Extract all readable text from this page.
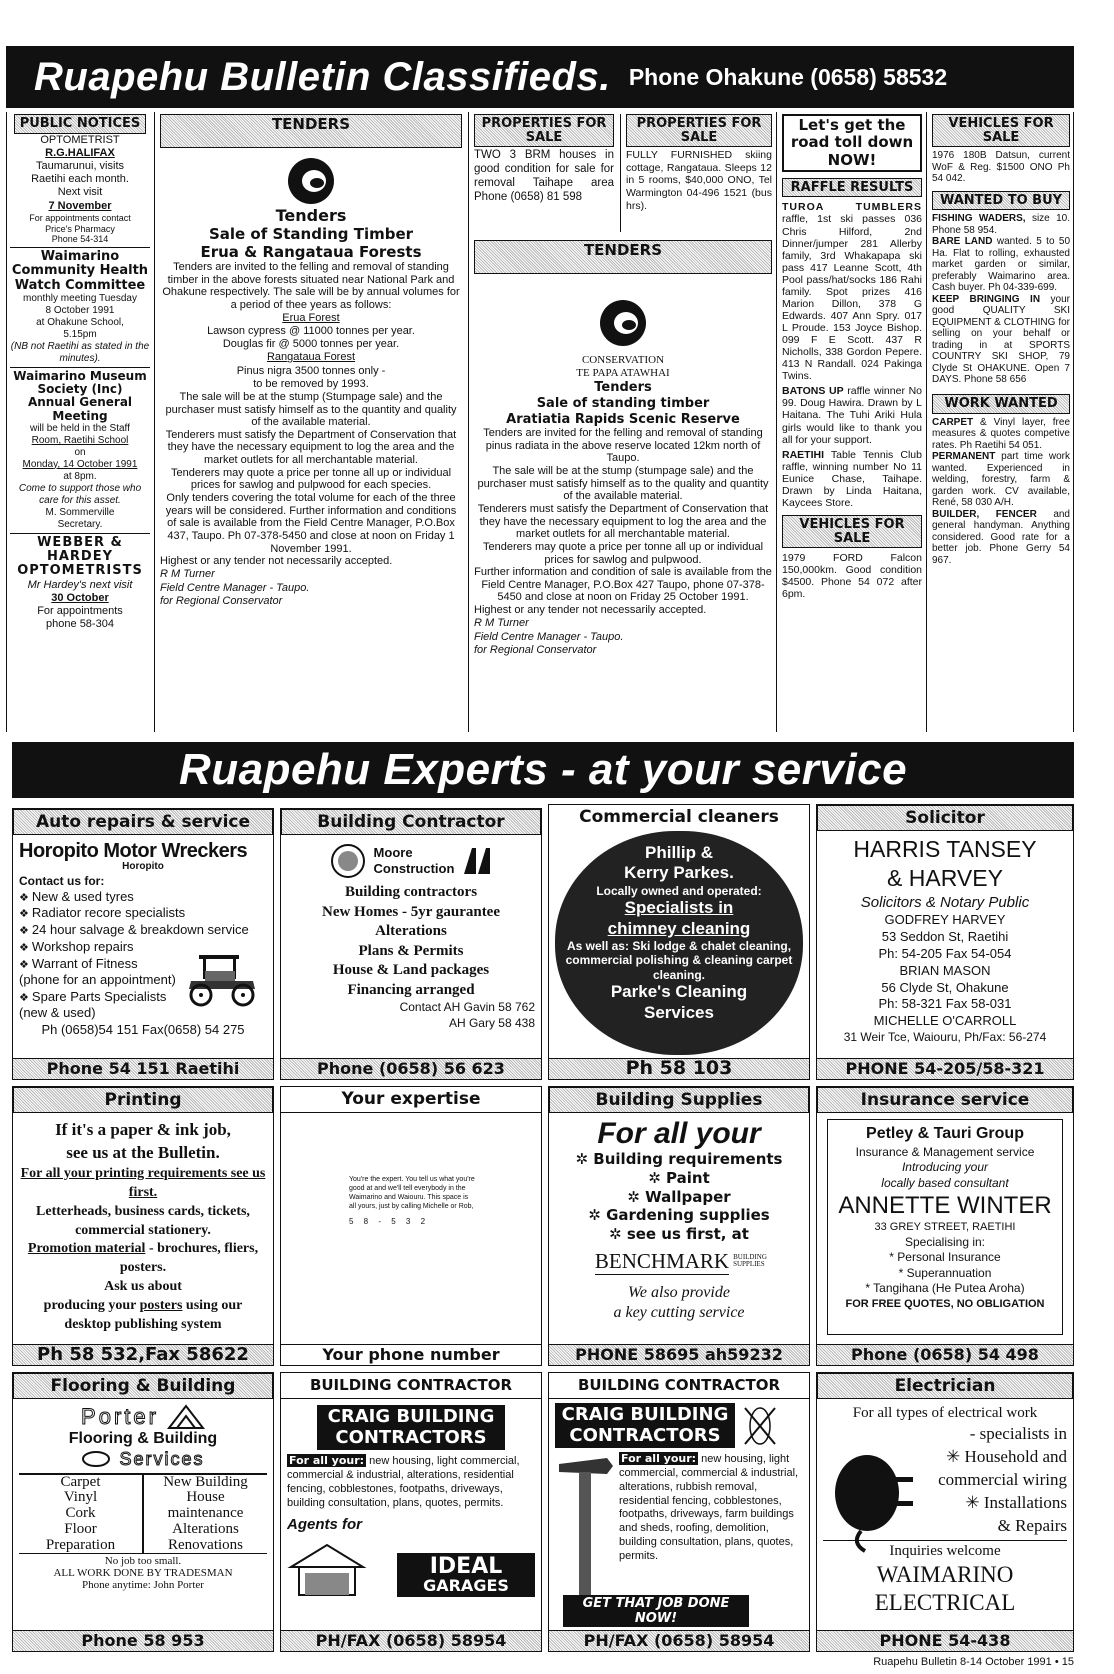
Ruapehu Bulletin Classifieds. Phone Ohakune (0658) 58532
PUBLIC NOTICES
OPTOMETRIST
R.G.HALIFAX
Taumarunui, visits
Raetihi each month.
Next visit
7 November
For appointments contact
Price's Pharmacy
Phone 54-314
Waimarino Community Health Watch Committee
monthly meeting Tuesday
8 October 1991
at Ohakune School,
5.15pm
(NB not Raetihi as stated in the minutes).
Waimarino Museum Society (Inc)
Annual General Meeting
will be held in the Staff
Room, Raetihi School
on
Monday, 14 October 1991
at 8pm.
Come to support those who care for this asset.
M. Sommerville
Secretary.
WEBBER & HARDEY OPTOMETRISTS
Mr Hardey's next visit
30 October
For appointments
phone 58-304
TENDERS
Tenders
Sale of Standing Timber
Erua & Rangataua Forests
Tenders are invited to the felling and removal of standing timber in the above forests situated near National Park and Ohakune respectively. The sale will be by annual volumes for a period of thee years as follows:
Erua Forest
Lawson cypress @ 11000 tonnes per year.
Douglas fir @ 5000 tonnes per year.
Rangataua Forest
Pinus nigra 3500 tonnes only -
to be removed by 1993.
The sale will be at the stump (Stumpage sale) and the purchaser must satisfy himself as to the quantity and quality of the available material.
Tenderers must satisfy the Department of Conservation that they have the necessary equipment to log the area and the market outlets for all merchantable material.
Tenderers may quote a price per tonne all up or individual prices for sawlog and pulpwood for each species.
Only tenders covering the total volume for each of the three years will be considered. Further information and conditions of sale is available from the Field Centre Manager, P.O.Box 437, Taupo. Ph 07-378-5450 and close at noon on Friday 1 November 1991.
Highest or any tender not necessarily accepted.
R M Turner
Field Centre Manager - Taupo.
for Regional Conservator
PROPERTIES FOR SALE
TWO 3 BRM houses in good condition for sale for removal Taihape area Phone (0658) 81 598
PROPERTIES FOR SALE
FULLY FURNISHED skiing cottage, Rangataua. Sleeps 12 in 5 rooms, $40,000 ONO, Tel Warmington 04-496 1521 (bus hrs).
TENDERS
CONSERVATION
TE PAPA ATAWHAI
Tenders
Sale of standing timber
Aratiatia Rapids Scenic Reserve
Tenders are invited for the felling and removal of standing pinus radiata in the above reserve located 12km north of Taupo.
The sale will be at the stump (stumpage sale) and the purchaser must satisfy himself as to the quality and quantity of the available material.
Tenderers must satisfy the Department of Conservation that they have the necessary equipment to log the area and the market outlets for all merchantable material.
Tenderers may quote a price per tonne all up or individual prices for sawlog and pulpwood.
Further information and condition of sale is available from the Field Centre Manager, P.O.Box 427 Taupo, phone 07-378-5450 and close at noon on Friday 25 October 1991.
Highest or any tender not necessarily accepted.
R M Turner
Field Centre Manager - Taupo.
for Regional Conservator
Let's get the road toll down NOW!
RAFFLE RESULTS
TUROA TUMBLERS raffle, 1st ski passes 036 Chris Hilford, 2nd Dinner/jumper 281 Allerby family, 3rd Whakapapa ski pass 417 Leanne Scott, 4th Pool pass/hat/socks 186 Rahi family. Spot prizes 416 Marion Dillon, 378 G Edwards. 407 Ann Spry. 017 L Proude. 153 Joyce Bishop. 099 F E Scott. 437 R Nicholls, 338 Gordon Pepere. 413 N Randall. 024 Pakinga Twins.
BATONS UP raffle winner No 99. Doug Hawira. Drawn by L Haitana. The Tuhi Ariki Hula girls would like to thank you all for your support.
RAETIHI Table Tennis Club raffle, winning number No 11 Eunice Chase, Taihape. Drawn by Linda Haitana, Kaycees Store.
VEHICLES FOR SALE
1979 FORD Falcon 150,000km. Good condition $4500. Phone 54 072 after 6pm.
VEHICLES FOR SALE
1976 180B Datsun, current WoF & Reg. $1500 ONO Ph 54 042.
WANTED TO BUY
FISHING WADERS, size 10. Phone 58 954.
BARE LAND wanted. 5 to 50 Ha. Flat to rolling, exhausted market garden or similar, preferably Waimarino area. Cash buyer. Ph 04-339-699.
KEEP BRINGING IN your good QUALITY SKI EQUIPMENT & CLOTHING for selling on your behalf or trading in at SPORTS COUNTRY SKI SHOP, 79 Clyde St OHAKUNE. Open 7 DAYS. Phone 58 656
WORK WANTED
CARPET & Vinyl layer, free measures & quotes competive rates. Ph Raetihi 54 051.
PERMANENT part time work wanted. Experienced in welding, forestry, farm & garden work. CV available, René, 58 030 A/H.
BUILDER, FENCER and general handyman. Anything considered. Good rate for a better job. Phone Gerry 54 967.
Ruapehu Experts - at your service
Auto repairs & service
Horopito Motor Wreckers
Horopito
Contact us for:
❖ New & used tyres
❖ Radiator recore specialists
❖ 24 hour salvage & breakdown service
❖ Workshop repairs
❖ Warrant of Fitness
(phone for an appointment)
❖ Spare Parts Specialists
(new & used)
Ph (0658)54 151 Fax(0658) 54 275
Phone 54 151 Raetihi
Building Contractor
Moore
Construction
Building contractors
New Homes - 5yr gaurantee
Alterations
Plans & Permits
House & Land packages
Financing arranged
Contact AH Gavin 58 762
AH Gary 58 438
Phone (0658) 56 623
Commercial cleaners
Phillip &
Kerry Parkes.
Locally owned and operated:
Specialists in
chimney cleaning
As well as: Ski lodge & chalet cleaning, commercial polishing & cleaning carpet cleaning.
Parke's Cleaning
Services
Ph 58 103
Solicitor
HARRIS TANSEY
& HARVEY
Solicitors & Notary Public
GODFREY HARVEY
53 Seddon St, Raetihi
Ph: 54-205 Fax 54-054
BRIAN MASON
56 Clyde St, Ohakune
Ph: 58-321 Fax 58-031
MICHELLE O'CARROLL
31 Weir Tce, Waiouru, Ph/Fax: 56-274
PHONE 54-205/58-321
Printing
If it's a paper & ink job,
see us at the Bulletin.
For all your printing requirements see us first.
Letterheads, business cards, tickets, commercial stationery.
Promotion material - brochures, fliers, posters.
Ask us about
producing your posters using our desktop publishing system
Ph 58 532,Fax 58622
Your expertise
You're the expert. You tell us what you're good at and we'll tell everybody in the Waimarino and Waiouru. This space is all yours, just by calling Michelle or Rob,
5 8 - 5 3 2
Your phone number
Building Supplies
For all your
✲ Building requirements
✲ Paint
✲ Wallpaper
✲ Gardening supplies
✲ see us first, at
BENCHMARK BUILDING SUPPLIES
We also provide
a key cutting service
PHONE 58695 ah59232
Insurance service
Petley & Tauri Group
Insurance & Management service
Introducing your
locally based consultant
ANNETTE WINTER
33 GREY STREET, RAETIHI
Specialising in:
* Personal Insurance
* Superannuation
* Tangihana (He Putea Aroha)
FOR FREE QUOTES, NO OBLIGATION
Phone (0658) 54 498
Flooring & Building
Porter
Flooring & Building
Services
Carpet
Vinyl
Cork
Floor
Preparation
New Building
House
maintenance
Alterations
Renovations
No job too small.
ALL WORK DONE BY TRADESMAN
Phone anytime: John Porter
Phone 58 953
BUILDING CONTRACTOR
CRAIG BUILDING CONTRACTORS
For all your: new housing, light commercial, commercial & industrial, alterations, residential fencing, cobblestones, footpaths, driveways, building consultation, plans, quotes, permits.
Agents for
IDEAL
GARAGES
PH/FAX (0658) 58954
BUILDING CONTRACTOR
CRAIG BUILDING CONTRACTORS
For all your: new housing, light commercial, commercial & industrial, alterations, rubbish removal, residential fencing, cobblestones, footpaths, driveways, farm buildings and sheds, roofing, demolition, building consultation, plans, quotes, permits.
GET THAT JOB DONE NOW!
PH/FAX (0658) 58954
Electrician
For all types of electrical work
- specialists in
✳ Household and
commercial wiring
✳ Installations
& Repairs
Inquiries welcome
WAIMARINO
ELECTRICAL
PHONE 54-438
Ruapehu Bulletin 8-14 October 1991 • 15
